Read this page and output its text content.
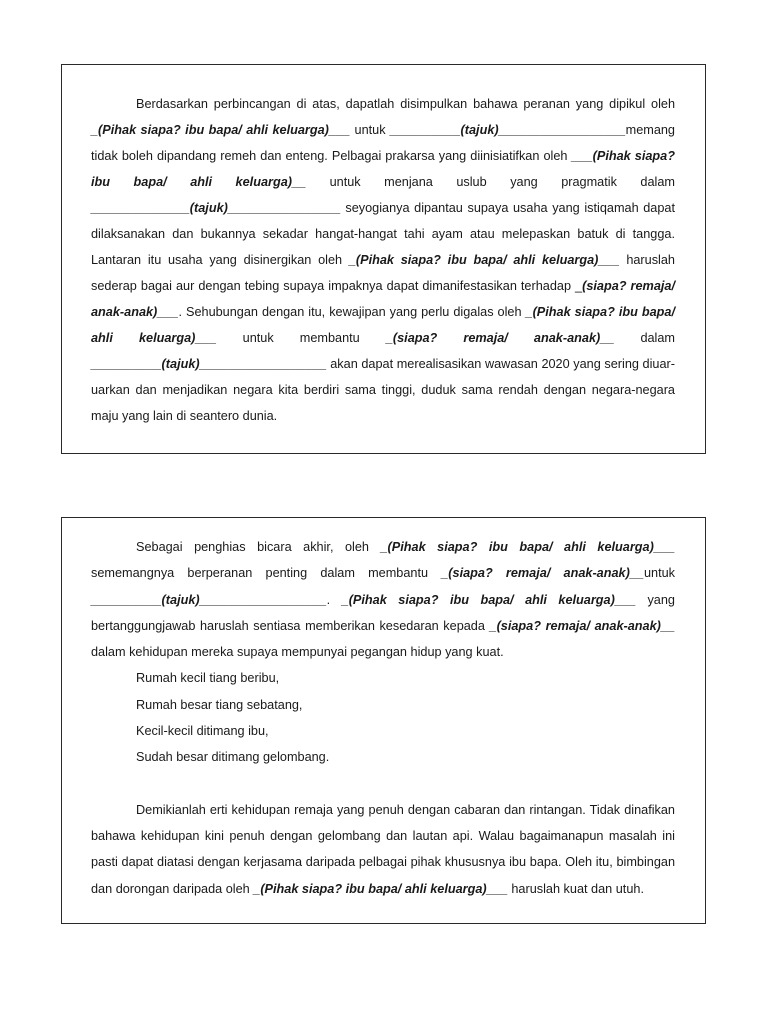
Berdasarkan perbincangan di atas, dapatlah disimpulkan bahawa peranan yang dipikul oleh _(Pihak siapa? ibu bapa/ ahli keluarga)___ untuk __________(tajuk)__________________memang tidak boleh dipandang remeh dan enteng. Pelbagai prakarsa yang diinisiatifkan oleh ___(Pihak siapa? ibu bapa/ ahli keluarga)__ untuk menjana uslub yang pragmatik dalam ______________(tajuk)________________ seyogianya dipantau supaya usaha yang istiqamah dapat dilaksanakan dan bukannya sekadar hangat-hangat tahi ayam atau melepaskan batuk di tangga. Lantaran itu usaha yang disinergikan oleh _(Pihak siapa? ibu bapa/ ahli keluarga)___ haruslah sederap bagai aur dengan tebing supaya impaknya dapat dimanifestasikan terhadap _(siapa? remaja/ anak-anak)___. Sehubungan dengan itu, kewajipan yang perlu digalas oleh _(Pihak siapa? ibu bapa/ ahli keluarga)___ untuk membantu _(siapa? remaja/ anak-anak)__ dalam __________(tajuk)__________________ akan dapat merealisasikan wawasan 2020 yang sering diuar-uarkan dan menjadikan negara kita berdiri sama tinggi, duduk sama rendah dengan negara-negara maju yang lain di seantero dunia.

Sebagai penghias bicara akhir, oleh _(Pihak siapa? ibu bapa/ ahli keluarga)___ sememangnya berperanan penting dalam membantu _(siapa? remaja/ anak-anak)__untuk __________(tajuk)__________________. _(Pihak siapa? ibu bapa/ ahli keluarga)___ yang bertanggungjawab haruslah sentiasa memberikan kesedaran kepada _(siapa? remaja/ anak-anak)__ dalam kehidupan mereka supaya mempunyai pegangan hidup yang kuat.

Rumah kecil tiang beribu,
Rumah besar tiang sebatang,
Kecil-kecil ditimang ibu,
Sudah besar ditimang gelombang.

Demikianlah erti kehidupan remaja yang penuh dengan cabaran dan rintangan. Tidak dinafikan bahawa kehidupan kini penuh dengan gelombang dan lautan api. Walau bagaimanapun masalah ini pasti dapat diatasi dengan kerjasama daripada pelbagai pihak khususnya ibu bapa. Oleh itu, bimbingan dan dorongan daripada oleh _(Pihak siapa? ibu bapa/ ahli keluarga)___ haruslah kuat dan utuh.
